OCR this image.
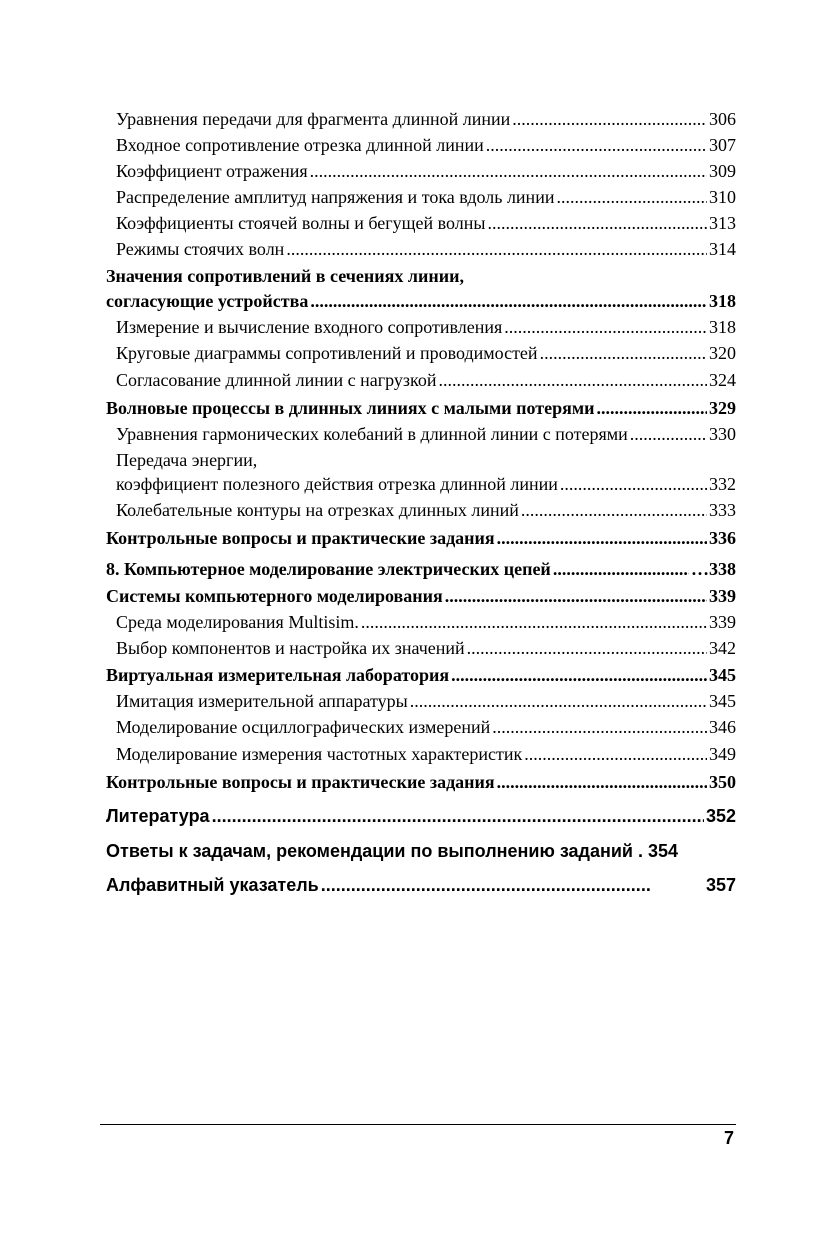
Уравнения передачи для фрагмента длинной линии .....	306
Входное сопротивление отрезка длинной линии .....	307
Коэффициент отражения .....	309
Распределение амплитуд напряжения и тока вдоль линии .....	310
Коэффициенты стоячей волны и бегущей волны .....	313
Режимы стоячих волн .....	314
Значения сопротивлений в сечениях линии,
согласующие устройства .....	318
Измерение и вычисление входного сопротивления .....	318
Круговые диаграммы сопротивлений и проводимостей .....	320
Согласование длинной линии с нагрузкой .....	324
Волновые процессы в длинных линиях с малыми потерями .....	329
Уравнения гармонических колебаний в длинной линии с потерями .....	330
Передача энергии,
коэффициент полезного действия отрезка длинной линии .....	332
Колебательные контуры на отрезках длинных линий .....	333
Контрольные вопросы и практические задания .....	336
8. Компьютерное моделирование электрических цепей .....	…338
Системы компьютерного моделирования .....	339
Среда моделирования Multisim. .....	339
Выбор компонентов и настройка их значений .....	342
Виртуальная измерительная лаборатория .....	345
Имитация измерительной аппаратуры .....	345
Моделирование осциллографических измерений .....	346
Моделирование измерения частотных характеристик .....	349
Контрольные вопросы и практические задания .....	350
Литература .....	352
Ответы к задачам, рекомендации по выполнению заданий . 354
Алфавитный указатель .....	357
7
